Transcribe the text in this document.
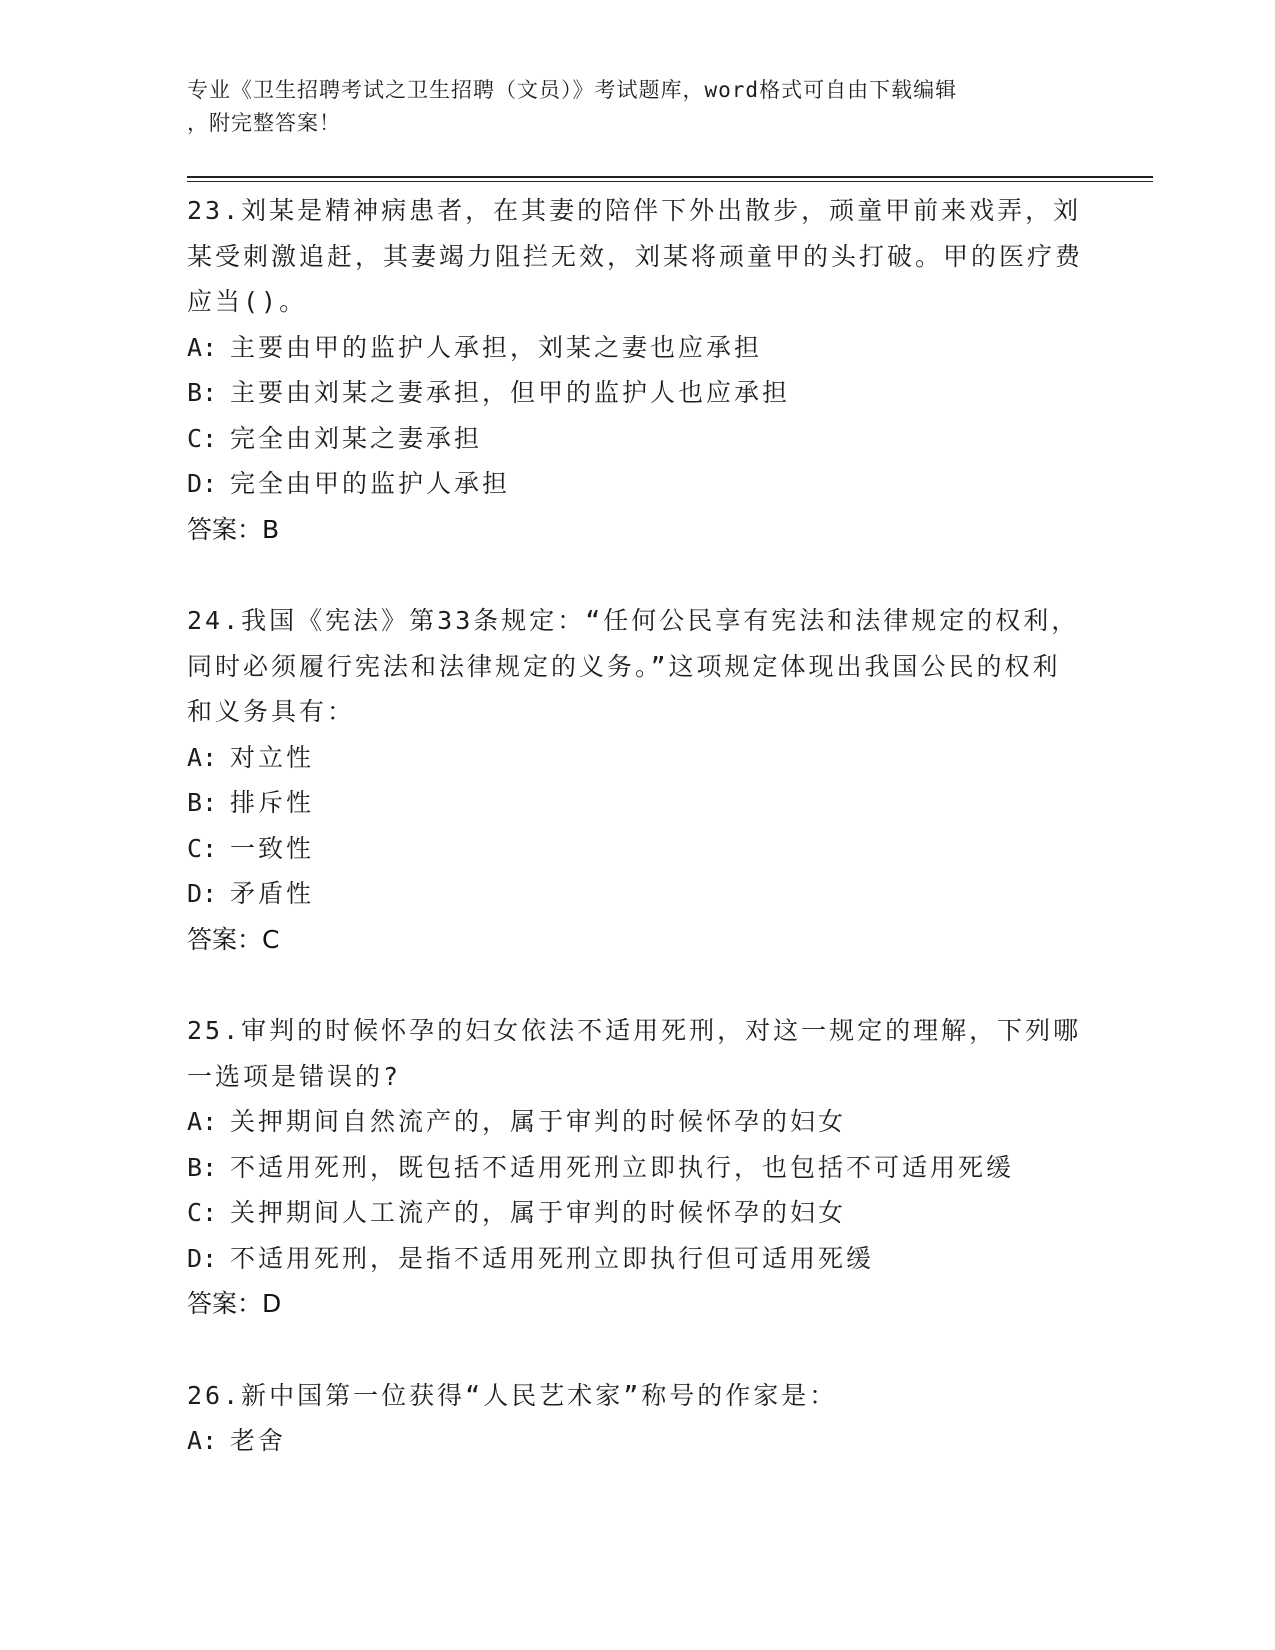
专业《卫生招聘考试之卫生招聘（文员）》考试题库，word格式可自由下载编辑
，附完整答案！

23.刘某是精神病患者，在其妻的陪伴下外出散步，顽童甲前来戏弄，刘某受刺激追赶，其妻竭力阻拦无效，刘某将顽童甲的头打破。甲的医疗费应当()。

A: 主要由甲的监护人承担，刘某之妻也应承担

B: 主要由刘某之妻承担，但甲的监护人也应承担

C: 完全由刘某之妻承担

D: 完全由甲的监护人承担

答案：B

24.我国《宪法》第33条规定：“任何公民享有宪法和法律规定的权利，同时必须履行宪法和法律规定的义务。”这项规定体现出我国公民的权利和义务具有：

A: 对立性

B: 排斥性

C: 一致性

D: 矛盾性

答案：C

25.审判的时候怀孕的妇女依法不适用死刑，对这一规定的理解，下列哪一选项是错误的?

A: 关押期间自然流产的，属于审判的时候怀孕的妇女

B: 不适用死刑，既包括不适用死刑立即执行，也包括不可适用死缓

C: 关押期间人工流产的，属于审判的时候怀孕的妇女

D: 不适用死刑，是指不适用死刑立即执行但可适用死缓

答案：D

26.新中国第一位获得“人民艺术家”称号的作家是：

A: 老舍
